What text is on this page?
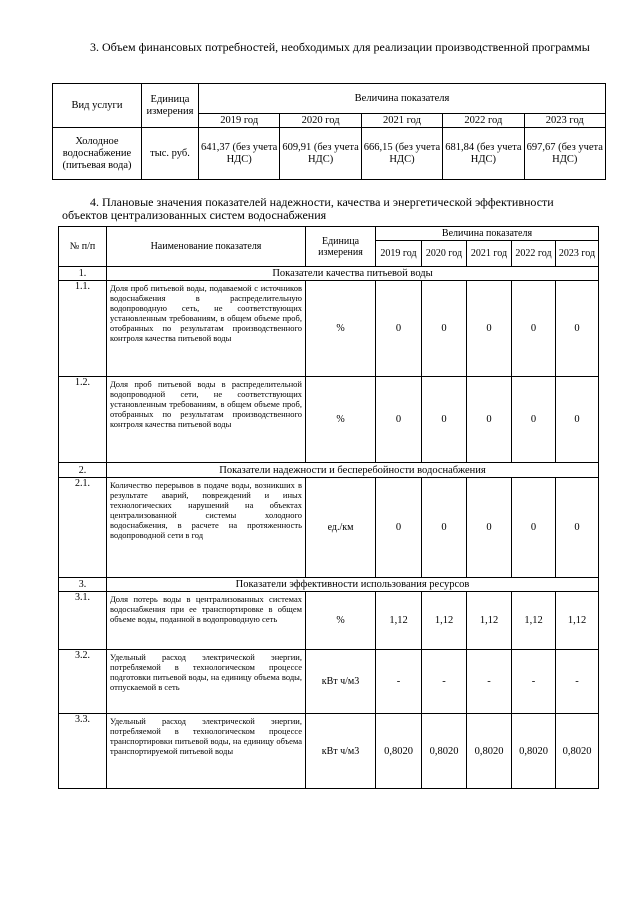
3. Объем финансовых потребностей, необходимых для реализации производственной программы
Вид услуги	Единица измерения	Величина показателя				
		2019 год	2020 год	2021 год	2022 год	2023 год
Холодное водоснабжение (питьевая вода)	тыс. руб.	641,37 (без учета НДС)	609,91 (без учета НДС)	666,15 (без учета НДС)	681,84 (без учета НДС)	697,67 (без учета НДС)
4. Плановые значения показателей надежности, качества и энергетической эффективности объектов централизованных систем водоснабжения
№ п/п	Наименование показателя	Единица измерения	Величина показателя				
			2019 год	2020 год	2021 год	2022 год	2023 год
1.	Показатели качества питьевой воды						
1.1.	Доля проб питьевой воды, подаваемой с источников водоснабжения в распределительную водопроводную сеть, не соответствующих установленным требованиям, в общем объеме проб, отобранных по результатам производственного контроля качества питьевой воды	%	0	0	0	0	0
1.2.	Доля проб питьевой воды в распределительной водопроводной сети, не соответствующих установленным требованиям, в общем объеме проб, отобранных по результатам производственного контроля качества питьевой воды	%	0	0	0	0	0
2.	Показатели надежности и бесперебойности водоснабжения						
2.1.	Количество перерывов в подаче воды, возникших в результате аварий, повреждений и иных технологических нарушений на объектах централизованной системы холодного водоснабжения, в расчете на протяженность водопроводной сети в год	ед./км	0	0	0	0	0
3.	Показатели эффективности использования ресурсов						
3.1.	Доля потерь воды в централизованных системах водоснабжения при ее транспортировке в общем объеме воды, поданной в водопроводную сеть	%	1,12	1,12	1,12	1,12	1,12
3.2.	Удельный расход электрической энергии, потребляемой в технологическом процессе подготовки питьевой воды, на единицу объема воды, отпускаемой в сеть	кВт ч/м3	-	-	-	-	-
3.3.	Удельный расход электрической энергии, потребляемой в технологическом процессе транспортировки питьевой воды, на единицу объема транспортируемой питьевой воды	кВт ч/м3	0,8020	0,8020	0,8020	0,8020	0,8020
